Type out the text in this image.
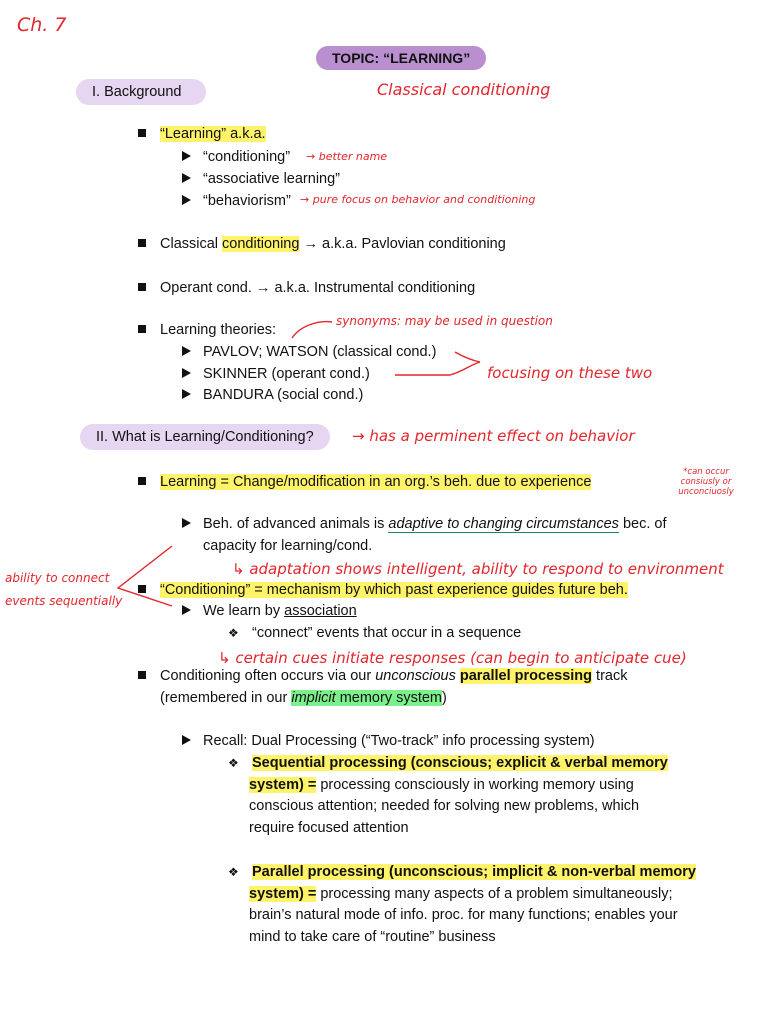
Ch. 7
TOPIC: “LEARNING”
I. Background	Classical conditioning
“Learning” a.k.a.
“conditioning” → better name
“associative learning”
“behaviorism” → pure focus on behavior and conditioning
Classical conditioning → a.k.a. Pavlovian conditioning
Operant cond. → a.k.a. Instrumental conditioning
Learning theories:
synonyms: may be used in question
PAVLOV; WATSON (classical cond.)
SKINNER (operant cond.)	focusing on these two
BANDURA (social cond.)
II. What is Learning/Conditioning?	→ has a perminent effect on behavior
Learning = Change/modification in an org.’s beh. due to experience
*can occur consiusly or unconciuosly
Beh. of advanced animals is adaptive to changing circumstances bec. of
capacity for learning/cond.
↳ adaptation shows intelligent, ability to respond to environment
ability to connect
events sequentially
“Conditioning” = mechanism by which past experience guides future beh.
We learn by association
❖ “connect” events that occur in a sequence
↳ certain cues initiate responses (can begin to anticipate cue)
Conditioning often occurs via our unconscious parallel processing track
(remembered in our implicit memory system)
Recall: Dual Processing (“Two-track” info processing system)
❖ Sequential processing (conscious; explicit & verbal memory
system) = processing consciously in working memory using
conscious attention; needed for solving new problems, which
require focused attention
❖ Parallel processing (unconscious; implicit & non-verbal memory
system) = processing many aspects of a problem simultaneously;
brain’s natural mode of info. proc. for many functions; enables your
mind to take care of “routine” business
